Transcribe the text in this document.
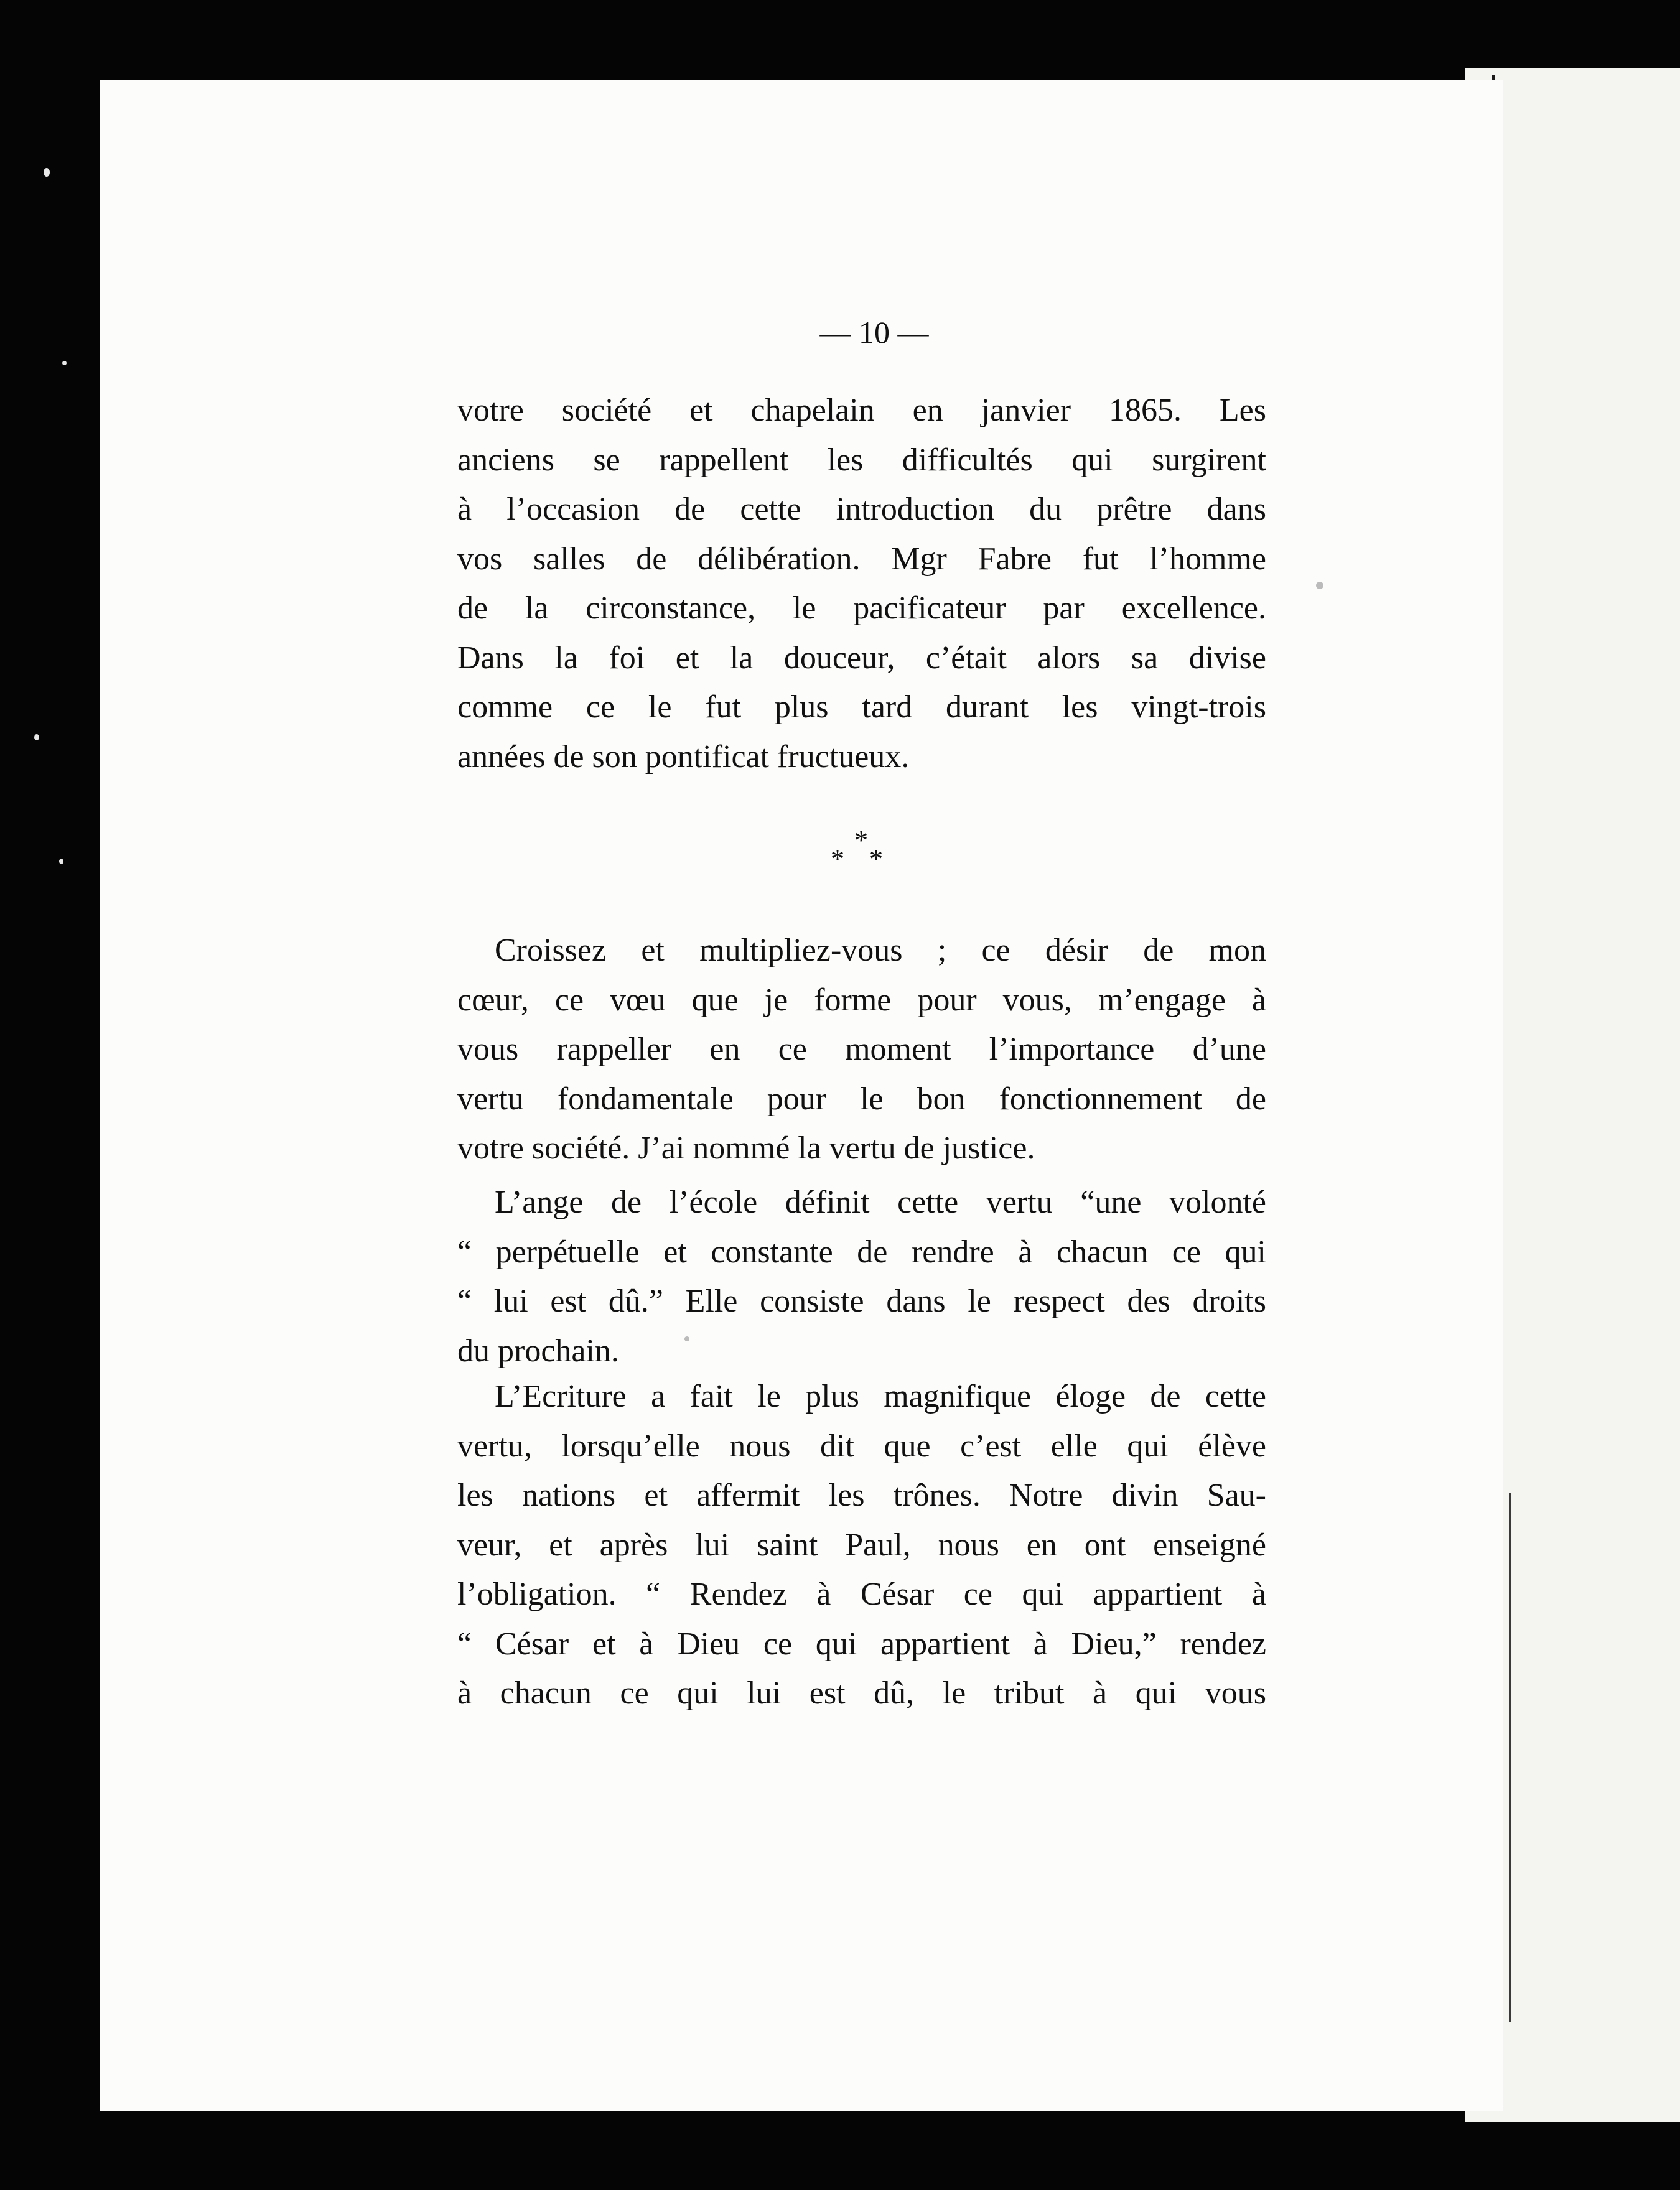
— 10 —

votre société et chapelain en janvier 1865. Les

anciens se rappellent les difficultés qui surgirent

à l’occasion de cette introduction du prêtre dans

vos salles de délibération. Mgr Fabre fut l’homme

de la circonstance, le pacificateur par excellence.

Dans la foi et la douceur, c’était alors sa divise

comme ce le fut plus tard durant les vingt-trois

années de son pontificat fructueux.

*
* *

Croissez et multipliez-vous ; ce désir de mon

cœur, ce vœu que je forme pour vous, m’engage à

vous rappeller en ce moment l’importance d’une

vertu fondamentale pour le bon fonctionnement de

votre société. J’ai nommé la vertu de justice.

L’ange de l’école définit cette vertu “une volonté

“ perpétuelle et constante de rendre à chacun ce qui

“ lui est dû.” Elle consiste dans le respect des droits

du prochain.

L’Ecriture a fait le plus magnifique éloge de cette

vertu, lorsqu’elle nous dit que c’est elle qui élève

les nations et affermit les trônes. Notre divin Sau-

veur, et après lui saint Paul, nous en ont enseigné

l’obligation. “ Rendez à César ce qui appartient à

“ César et à Dieu ce qui appartient à Dieu,” rendez

à chacun ce qui lui est dû, le tribut à qui vous
